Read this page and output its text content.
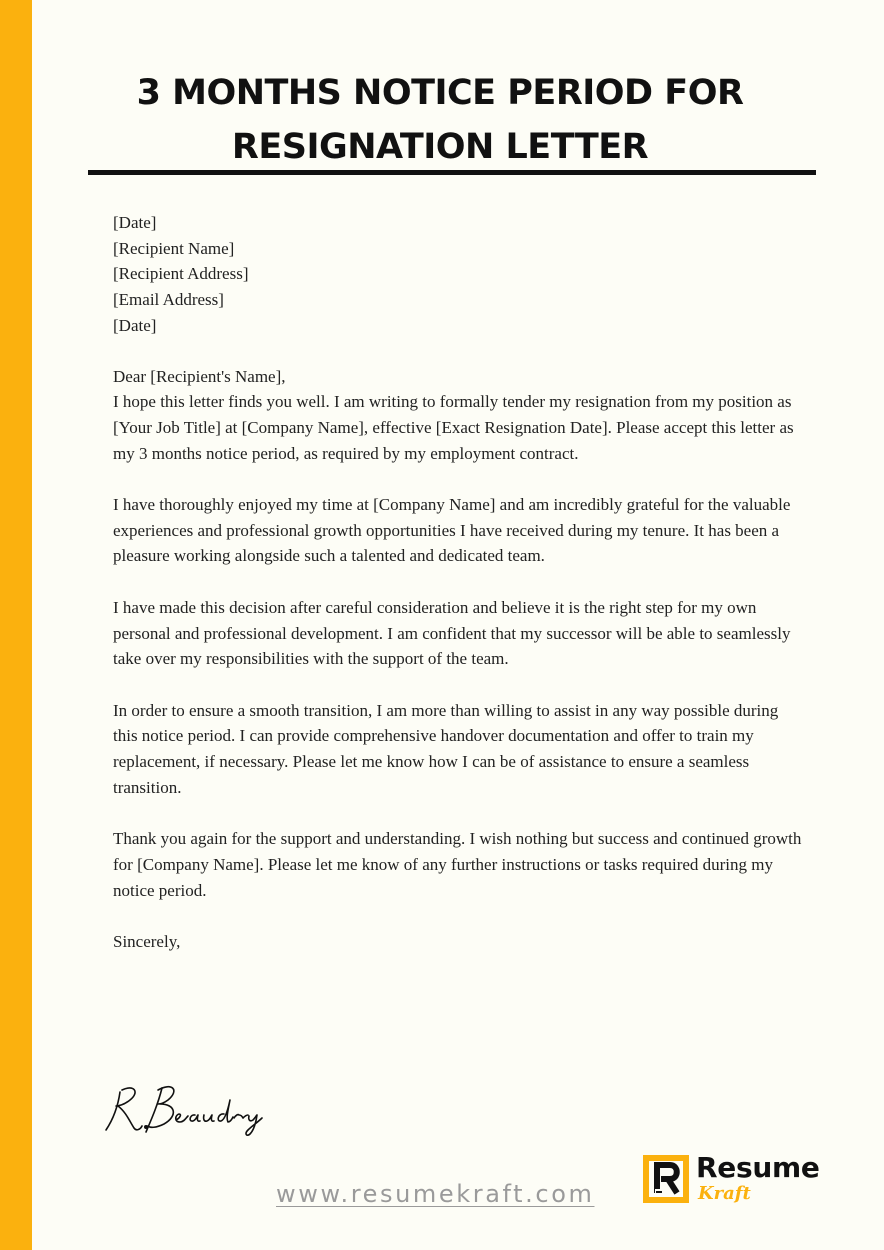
3 MONTHS NOTICE PERIOD FOR
RESIGNATION LETTER

[Date]

[Recipient Name]

[Recipient Address]

[Email Address]

[Date]

Dear [Recipient's Name],

I hope this letter finds you well. I am writing to formally tender my resignation from my position as [Your Job Title] at [Company Name], effective [Exact Resignation Date]. Please accept this letter as my 3 months notice period, as required by my employment contract.

I have thoroughly enjoyed my time at [Company Name] and am incredibly grateful for the valuable experiences and professional growth opportunities I have received during my tenure. It has been a pleasure working alongside such a talented and dedicated team.

I have made this decision after careful consideration and believe it is the right step for my own personal and professional development. I am confident that my successor will be able to seamlessly take over my responsibilities with the support of the team.

In order to ensure a smooth transition, I am more than willing to assist in any way possible during this notice period. I can provide comprehensive handover documentation and offer to train my replacement, if necessary. Please let me know how I can be of assistance to ensure a seamless transition.

Thank you again for the support and understanding. I wish nothing but success and continued growth for [Company Name]. Please let me know of any further instructions or tasks required during my notice period.

Sincerely,

www.resumekraft.com
Resume
Kraft
